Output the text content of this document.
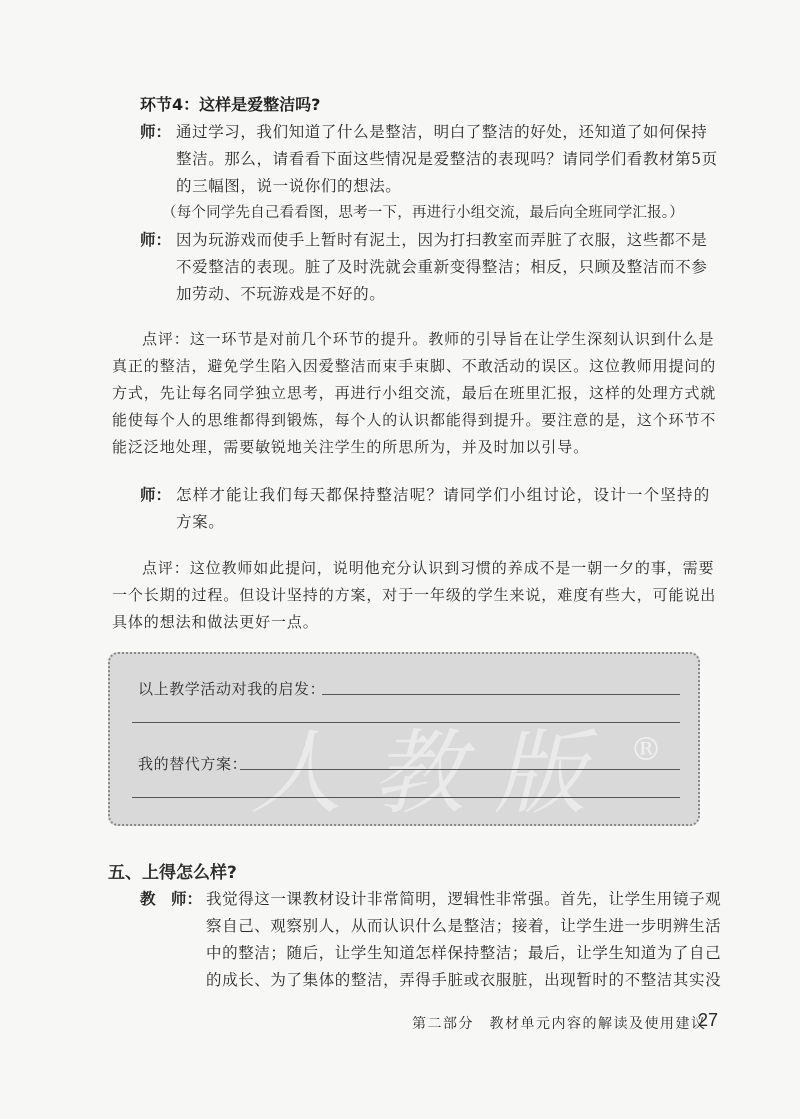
环节4：这样是爱整洁吗?
师： 通过学习，我们知道了什么是整洁，明白了整洁的好处，还知道了如何保持
整洁。那么，请看看下面这些情况是爱整洁的表现吗？请同学们看教材第5页
的三幅图，说一说你们的想法。
（每个同学先自己看看图，思考一下，再进行小组交流，最后向全班同学汇报。）
师： 因为玩游戏而使手上暂时有泥土，因为打扫教室而弄脏了衣服，这些都不是
不爱整洁的表现。脏了及时洗就会重新变得整洁；相反，只顾及整洁而不参
加劳动、不玩游戏是不好的。
点评：这一环节是对前几个环节的提升。教师的引导旨在让学生深刻认识到什么是
真正的整洁，避免学生陷入因爱整洁而束手束脚、不敢活动的误区。这位教师用提问的
方式，先让每名同学独立思考，再进行小组交流，最后在班里汇报，这样的处理方式就
能使每个人的思维都得到锻炼，每个人的认识都能得到提升。要注意的是，这个环节不
能泛泛地处理，需要敏锐地关注学生的所思所为，并及时加以引导。
师： 怎样才能让我们每天都保持整洁呢？请同学们小组讨论，设计一个坚持的
方案。
点评：这位教师如此提问，说明他充分认识到习惯的养成不是一朝一夕的事，需要
一个长期的过程。但设计坚持的方案，对于一年级的学生来说，难度有些大，可能说出
具体的想法和做法更好一点。
人教版 ®
以上教学活动对我的启发：
我的替代方案：
五、上得怎么样?
教　师： 我觉得这一课教材设计非常简明，逻辑性非常强。首先，让学生用镜子观
察自己、观察别人，从而认识什么是整洁；接着，让学生进一步明辨生活
中的整洁；随后，让学生知道怎样保持整洁；最后，让学生知道为了自己
的成长、为了集体的整洁，弄得手脏或衣服脏，出现暂时的不整洁其实没
第二部分　教材单元内容的解读及使用建议
27
